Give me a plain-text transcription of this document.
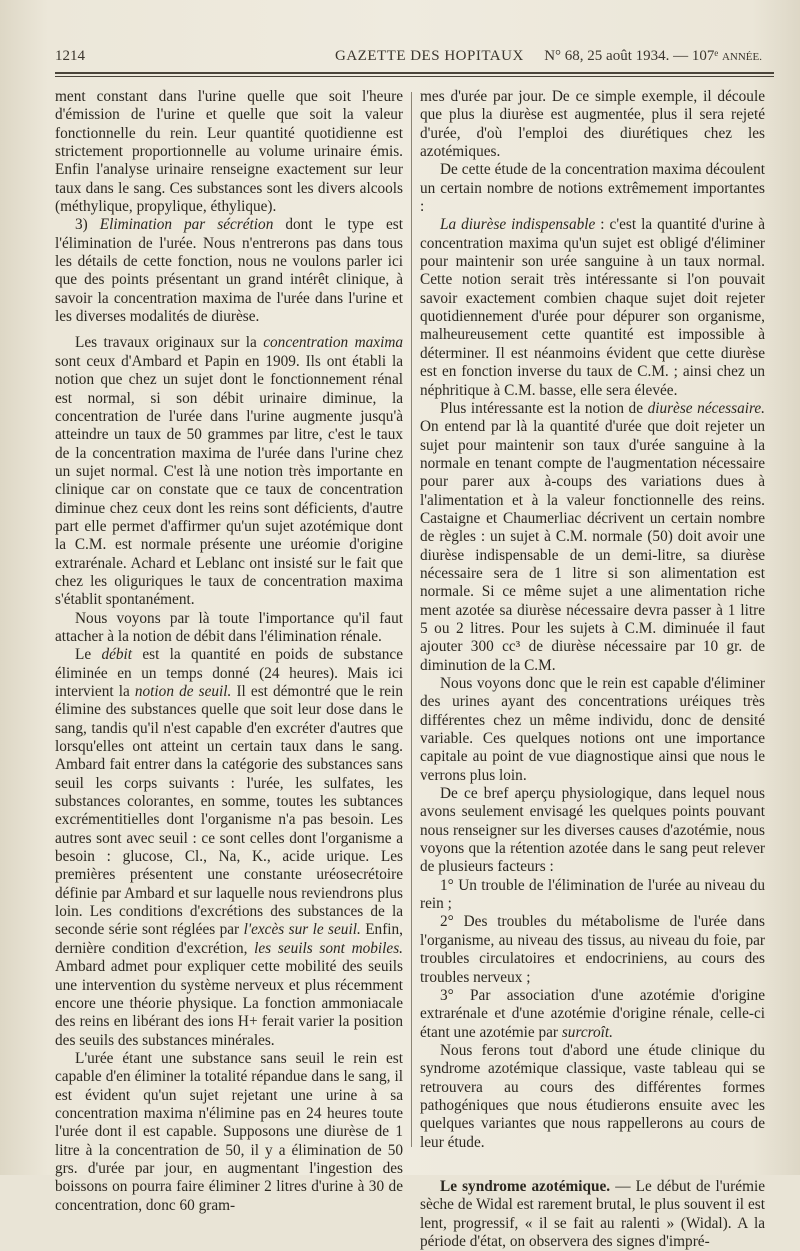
1214	GAZETTE DES HOPITAUX N° 68, 25 août 1934. — 107ᵉ ANNÉE.

ment constant dans l'urine quelle que soit l'heure d'émission de l'urine et quelle que soit la valeur fonctionnelle du rein. Leur quantité quotidienne est strictement proportionnelle au volume urinaire émis. Enfin l'analyse urinaire renseigne exactement sur leur taux dans le sang. Ces substances sont les divers alcools (méthylique, propylique, éthylique).

3) Elimination par sécrétion dont le type est l'élimination de l'urée. Nous n'entrerons pas dans tous les détails de cette fonction, nous ne voulons parler ici que des points présentant un grand intérêt clinique, à savoir la concentration maxima de l'urée dans l'urine et les diverses modalités de diurèse.

Les travaux originaux sur la concentration maxima sont ceux d'Ambard et Papin en 1909. Ils ont établi la notion que chez un sujet dont le fonctionnement rénal est normal, si son débit urinaire diminue, la concentration de l'urée dans l'urine augmente jusqu'à atteindre un taux de 50 grammes par litre, c'est le taux de la concentration maxima de l'urée dans l'urine chez un sujet normal. C'est là une notion très importante en clinique car on constate que ce taux de concentration diminue chez ceux dont les reins sont déficients, d'autre part elle permet d'affirmer qu'un sujet azotémique dont la C.M. est normale présente une uréomie d'origine extrarénale. Achard et Leblanc ont insisté sur le fait que chez les oliguriques le taux de concentration maxima s'établit spontanément.

Nous voyons par là toute l'importance qu'il faut attacher à la notion de débit dans l'élimination rénale.

Le débit est la quantité en poids de substance éliminée en un temps donné (24 heures). Mais ici intervient la notion de seuil. Il est démontré que le rein élimine des substances quelle que soit leur dose dans le sang, tandis qu'il n'est capable d'en excréter d'autres que lorsqu'elles ont atteint un certain taux dans le sang. Ambard fait entrer dans la catégorie des substances sans seuil les corps suivants : l'urée, les sulfates, les substances colorantes, en somme, toutes les subtances excrémentitielles dont l'organisme n'a pas besoin. Les autres sont avec seuil : ce sont celles dont l'organisme a besoin : glucose, Cl., Na, K., acide urique. Les premières présentent une constante uréosecrétoire définie par Ambard et sur laquelle nous reviendrons plus loin. Les conditions d'excrétions des substances de la seconde série sont réglées par l'excès sur le seuil. Enfin, dernière condition d'excrétion, les seuils sont mobiles. Ambard admet pour expliquer cette mobilité des seuils une intervention du système nerveux et plus récemment encore une théorie physique. La fonction ammoniacale des reins en libérant des ions H+ ferait varier la position des seuils des substances minérales.

L'urée étant une substance sans seuil le rein est capable d'en éliminer la totalité répandue dans le sang, il est évident qu'un sujet rejetant une urine à sa concentration maxima n'élimine pas en 24 heures toute l'urée dont il est capable. Supposons une diurèse de 1 litre à la concentration de 50, il y a élimination de 50 grs. d'urée par jour, en augmentant l'ingestion des boissons on pourra faire éliminer 2 litres d'urine à 30 de concentration, donc 60 gram-

mes d'urée par jour. De ce simple exemple, il découle que plus la diurèse est augmentée, plus il sera rejeté d'urée, d'où l'emploi des diurétiques chez les azotémiques.

De cette étude de la concentration maxima découlent un certain nombre de notions extrêmement importantes :

La diurèse indispensable : c'est la quantité d'urine à concentration maxima qu'un sujet est obligé d'éliminer pour maintenir son urée sanguine à un taux normal. Cette notion serait très intéressante si l'on pouvait savoir exactement combien chaque sujet doit rejeter quotidiennement d'urée pour dépurer son organisme, malheureusement cette quantité est impossible à déterminer. Il est néanmoins évident que cette diurèse est en fonction inverse du taux de C.M. ; ainsi chez un néphritique à C.M. basse, elle sera élevée.

Plus intéressante est la notion de diurèse nécessaire. On entend par là la quantité d'urée que doit rejeter un sujet pour maintenir son taux d'urée sanguine à la normale en tenant compte de l'augmentation nécessaire pour parer aux à-coups des variations dues à l'alimentation et à la valeur fonctionnelle des reins. Castaigne et Chaumerliac décrivent un certain nombre de règles : un sujet à C.M. normale (50) doit avoir une diurèse indispensable de un demi-litre, sa diurèse nécessaire sera de 1 litre si son alimentation est normale. Si ce même sujet a une alimentation riche ment azotée sa diurèse nécessaire devra passer à 1 litre 5 ou 2 litres. Pour les sujets à C.M. diminuée il faut ajouter 300 cc³ de diurèse nécessaire par 10 gr. de diminution de la C.M.

Nous voyons donc que le rein est capable d'éliminer des urines ayant des concentrations uréiques très différentes chez un même individu, donc de densité variable. Ces quelques notions ont une importance capitale au point de vue diagnostique ainsi que nous le verrons plus loin.

De ce bref aperçu physiologique, dans lequel nous avons seulement envisagé les quelques points pouvant nous renseigner sur les diverses causes d'azotémie, nous voyons que la rétention azotée dans le sang peut relever de plusieurs facteurs :

1° Un trouble de l'élimination de l'urée au niveau du rein ;

2° Des troubles du métabolisme de l'urée dans l'organisme, au niveau des tissus, au niveau du foie, par troubles circulatoires et endocriniens, au cours des troubles nerveux ;

3° Par association d'une azotémie d'origine extrarénale et d'une azotémie d'origine rénale, celle-ci étant une azotémie par surcroît.

Nous ferons tout d'abord une étude clinique du syndrome azotémique classique, vaste tableau qui se retrouvera au cours des différentes formes pathogéniques que nous étudierons ensuite avec les quelques variantes que nous rappellerons au cours de leur étude.

Le syndrome azotémique. — Le début de l'urémie sèche de Widal est rarement brutal, le plus souvent il est lent, progressif, « il se fait au ralenti » (Widal). A la période d'état, on observera des signes d'impré-
